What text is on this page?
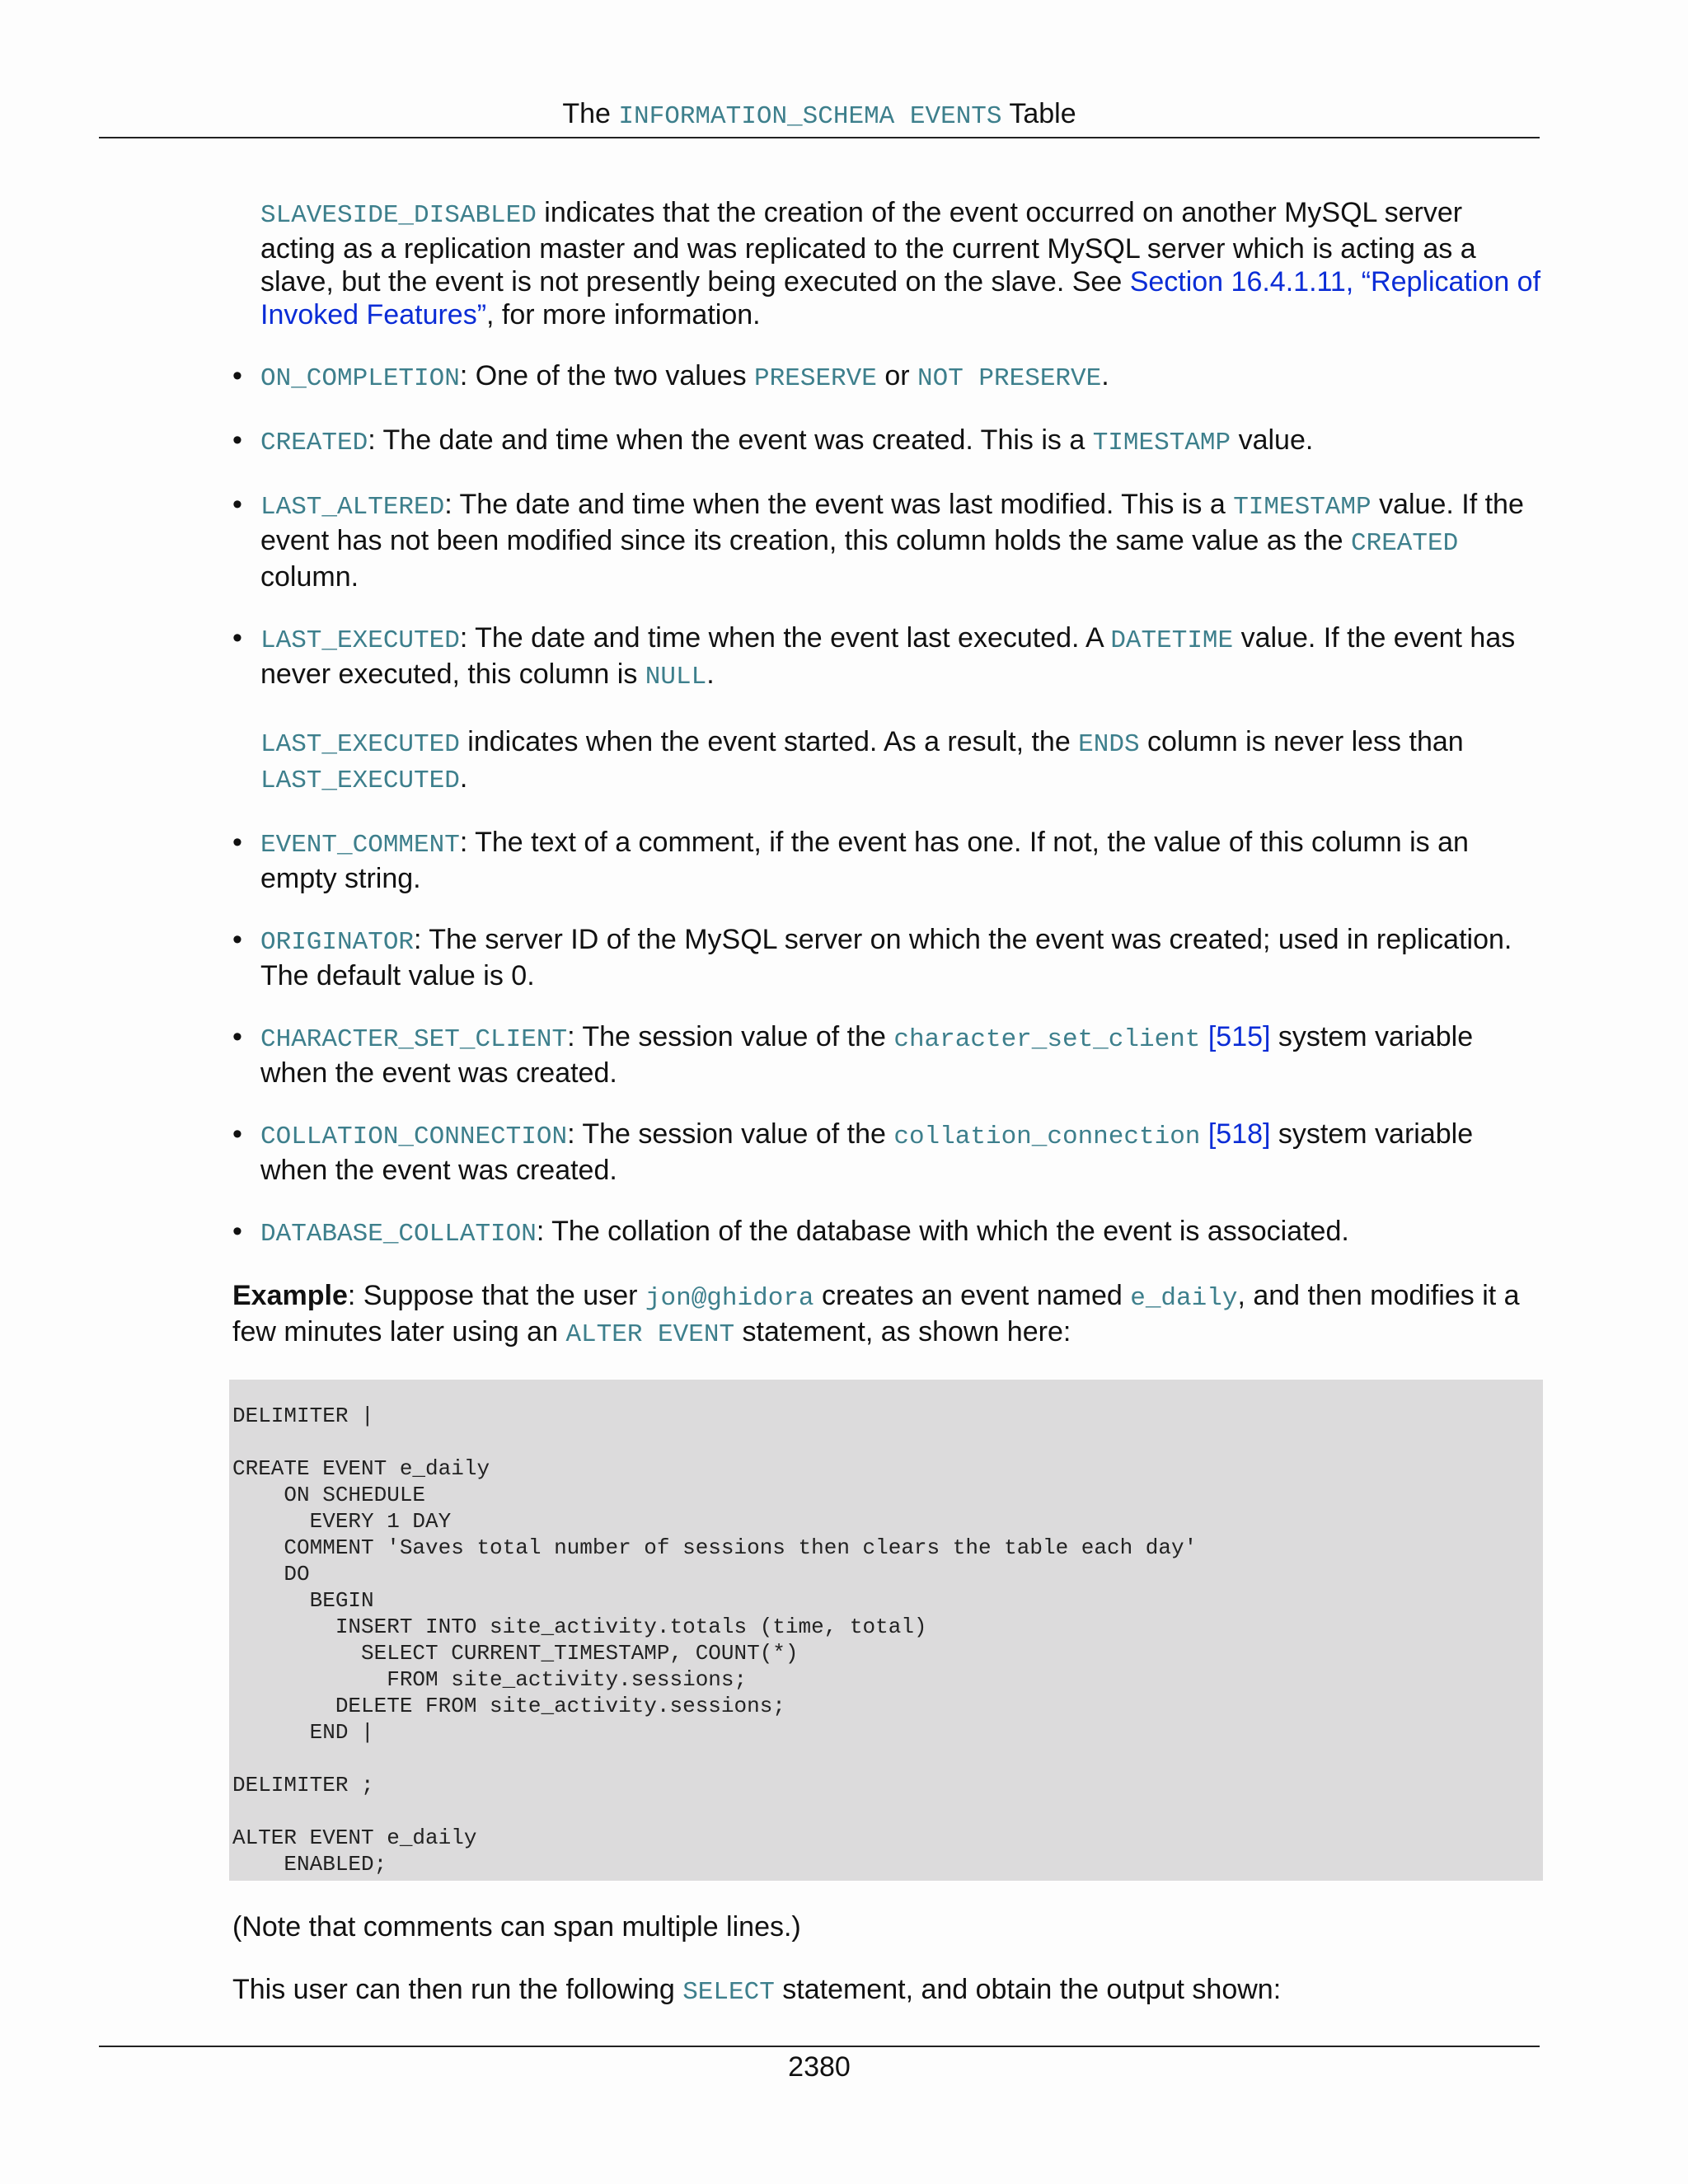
The INFORMATION_SCHEMA EVENTS Table
SLAVESIDE_DISABLED indicates that the creation of the event occurred on another MySQL server acting as a replication master and was replicated to the current MySQL server which is acting as a slave, but the event is not presently being executed on the slave. See Section 16.4.1.11, “Replication of Invoked Features”, for more information.
• ON_COMPLETION: One of the two values PRESERVE or NOT PRESERVE.
• CREATED: The date and time when the event was created. This is a TIMESTAMP value.
• LAST_ALTERED: The date and time when the event was last modified. This is a TIMESTAMP value. If the event has not been modified since its creation, this column holds the same value as the CREATED column.
• LAST_EXECUTED: The date and time when the event last executed. A DATETIME value. If the event has never executed, this column is NULL.
LAST_EXECUTED indicates when the event started. As a result, the ENDS column is never less than LAST_EXECUTED.
• EVENT_COMMENT: The text of a comment, if the event has one. If not, the value of this column is an empty string.
• ORIGINATOR: The server ID of the MySQL server on which the event was created; used in replication. The default value is 0.
• CHARACTER_SET_CLIENT: The session value of the character_set_client [515] system variable when the event was created.
• COLLATION_CONNECTION: The session value of the collation_connection [518] system variable when the event was created.
• DATABASE_COLLATION: The collation of the database with which the event is associated.
Example: Suppose that the user jon@ghidora creates an event named e_daily, and then modifies it a few minutes later using an ALTER EVENT statement, as shown here:
DELIMITER |

CREATE EVENT e_daily
ON SCHEDULE
EVERY 1 DAY
COMMENT 'Saves total number of sessions then clears the table each day'
DO
BEGIN
INSERT INTO site_activity.totals (time, total)
SELECT CURRENT_TIMESTAMP, COUNT(*)
FROM site_activity.sessions;
DELETE FROM site_activity.sessions;
END |

DELIMITER ;

ALTER EVENT e_daily
ENABLED;
(Note that comments can span multiple lines.)
This user can then run the following SELECT statement, and obtain the output shown:
2380
